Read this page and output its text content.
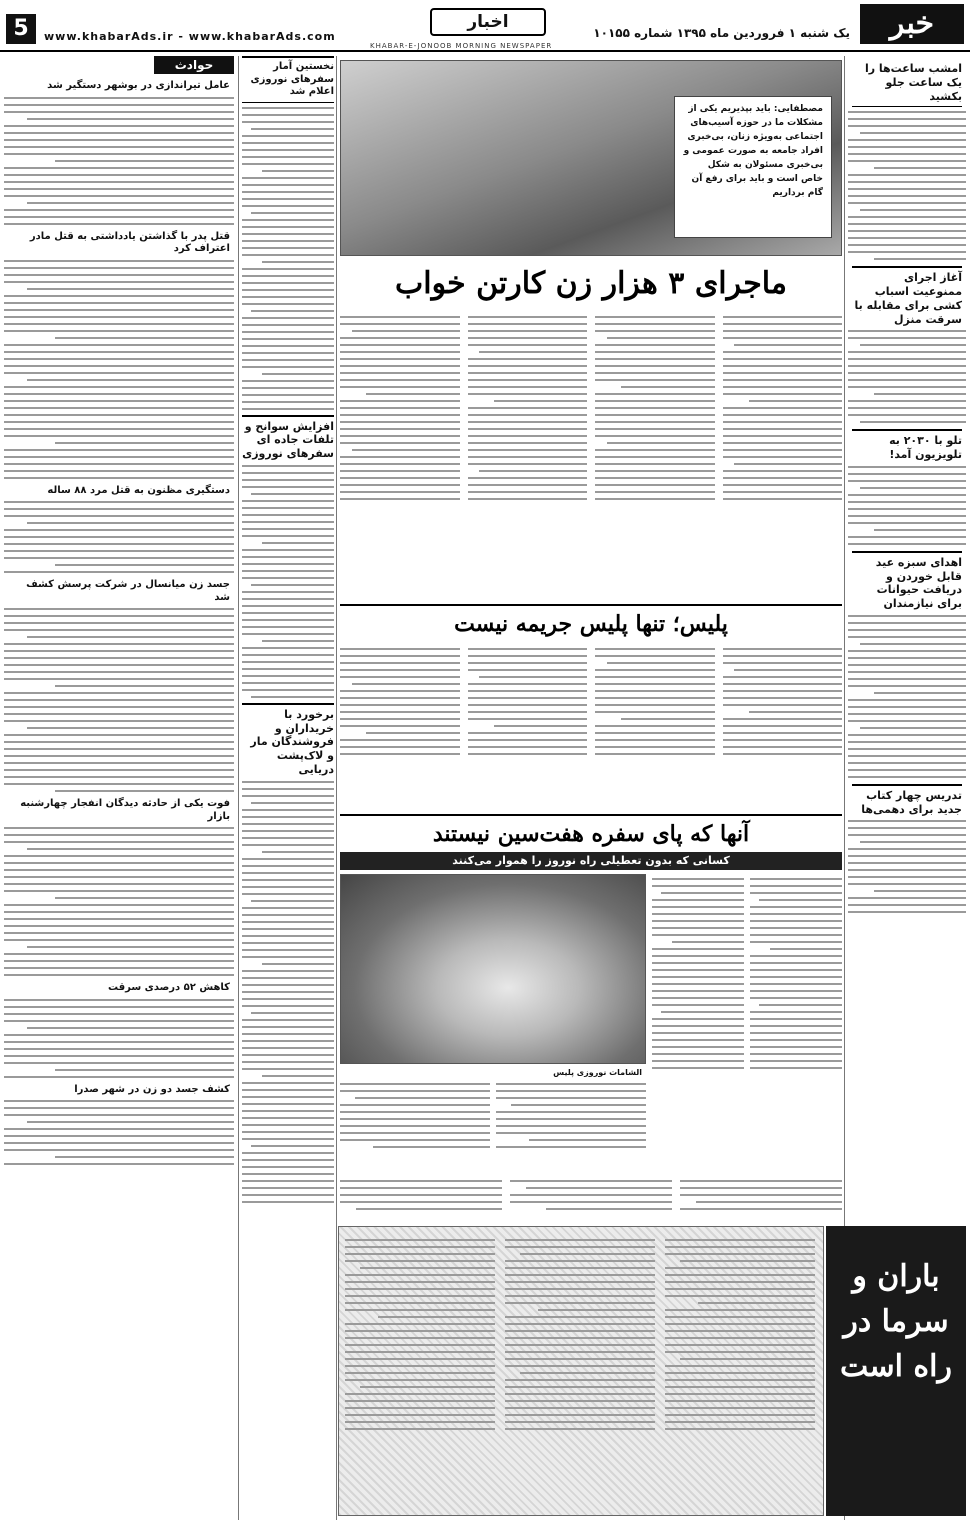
خبر
یک شنبه ۱ فروردین ماه ۱۳۹۵ شماره ۱۰۱۵۵
KHABAR-E-JONOOB MORNING NEWSPAPER
اخبار
www.khabarAds.ir - www.khabarAds.com
5
امشب ساعت‌ها را یک ساعت جلو بکشید
آغاز اجرای ممنوعیت اسباب کشی برای مقابله با سرقت منزل
تلو با ۲۰۳۰ به تلویزیون آمد!
اهدای سبزه عید قابل خوردن و دریافت حیوانات برای نیازمندان
تدریس چهار کتاب جدید برای دهمی‌ها
مصطفایی: باید بپذیریم یکی از مشکلات ما در حوزه آسیب‌های اجتماعی به‌ویژه زنان، بی‌خبری افراد جامعه به صورت عمومی و بی‌خبری مسئولان به شکل خاص است و باید برای رفع آن گام برداریم
ماجرای ۳ هزار زن کارتن خواب
پلیس؛ تنها پلیس جریمه نیست
آنها که پای سفره هفت‌سین نیستند
کسانی که بدون تعطیلی راه نوروز را هموار می‌کنند
الشامات نوروزی پلیس
باران و سرما در راه است
نخستین آمار سفرهای نوروزی اعلام شد
افزایش سوانح و تلفات جاده ای سفرهای نوروزی
برخورد با خریداران و فروشندگان مار و لاک‌پشت دریایی
حوادث
عامل تیراندازی در بوشهر دستگیر شد
قتل پدر با گذاشتن یادداشتی به قتل مادر اعتراف کرد
دستگیری مظنون به قتل مرد ۸۸ ساله
جسد زن میانسال در شرکت پرسش کشف شد
فوت یکی از حادثه دیدگان انفجار چهارشنبه بازار
کاهش ۵۲ درصدی سرقت
کشف جسد دو زن در شهر صدرا
